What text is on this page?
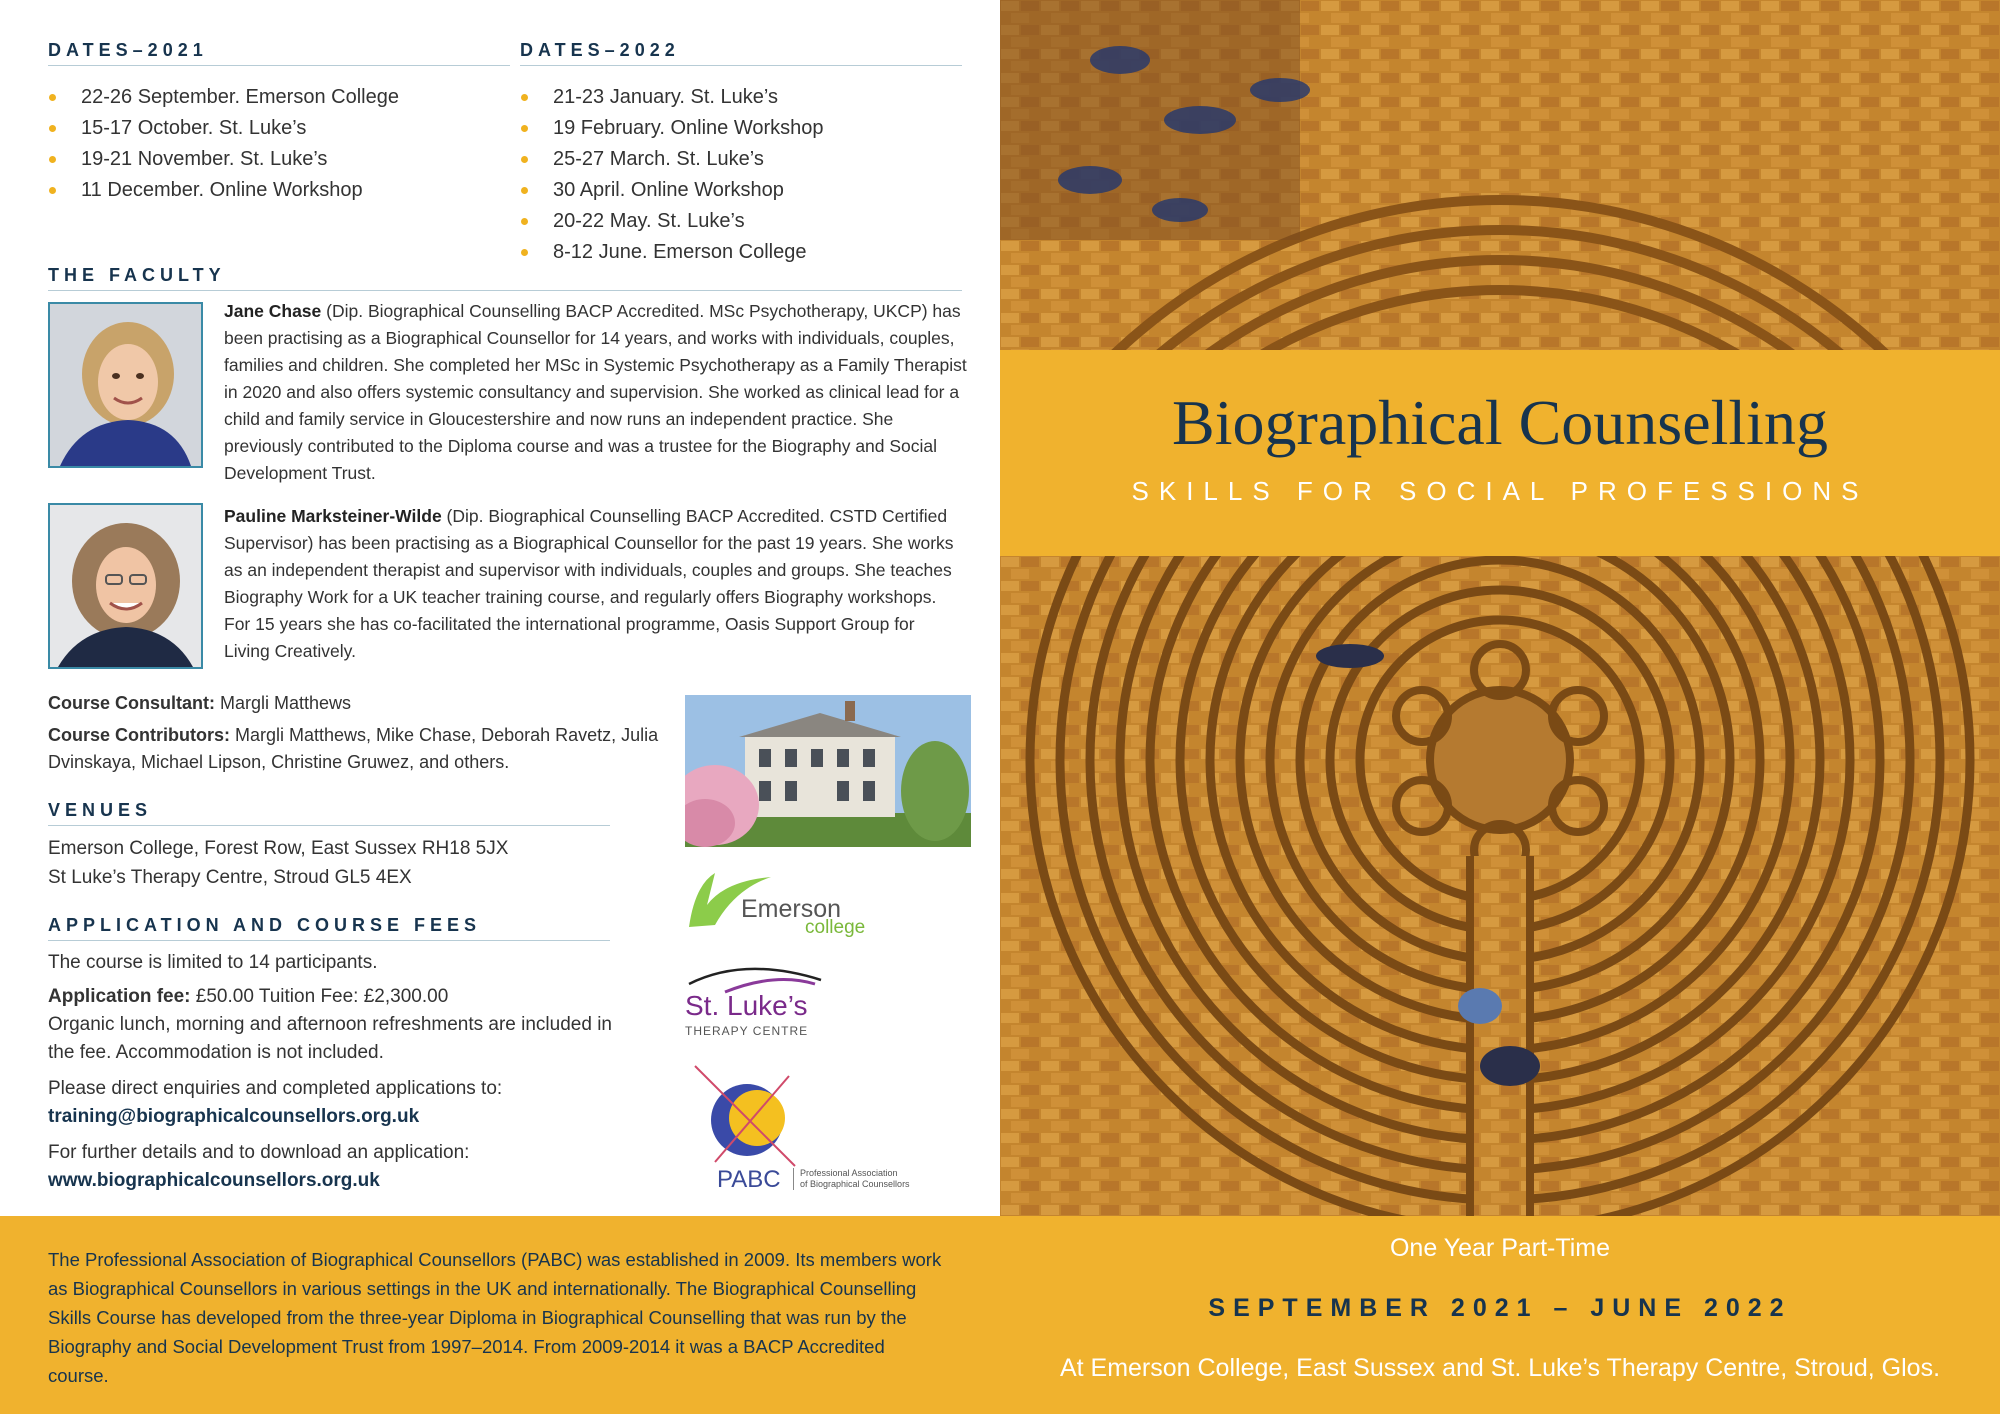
DATES–2021
22-26 September. Emerson College
15-17 October. St. Luke’s
19-21 November. St. Luke’s
11 December. Online Workshop
DATES–2022
21-23 January. St. Luke’s
19 February. Online Workshop
25-27 March. St. Luke’s
30 April. Online Workshop
20-22 May. St. Luke’s
8-12 June. Emerson College
THE FACULTY
Jane Chase (Dip. Biographical Counselling BACP Accredited. MSc Psychotherapy, UKCP) has been practising as a Biographical Counsellor for 14 years, and works with individuals, couples, families and children. She completed her MSc in Systemic Psychotherapy as a Family Therapist in 2020 and also offers systemic consultancy and supervision. She worked as clinical lead for a child and family service in Gloucestershire and now runs an independent practice. She previously contributed to the Diploma course and was a trustee for the Biography and Social Development Trust.
Pauline Marksteiner-Wilde (Dip. Biographical Counselling BACP Accredited. CSTD Certified Supervisor) has been practising as a Biographical Counsellor for the past 19 years. She works as an independent therapist and supervisor with individuals, couples and groups. She teaches Biography Work for a UK teacher training course, and regularly offers Biography workshops. For 15 years she has co-facilitated the international programme, Oasis Support Group for Living Creatively.
Course Consultant: Margli Matthews
Course Contributors: Margli Matthews, Mike Chase, Deborah Ravetz, Julia Dvinskaya, Michael Lipson, Christine Gruwez, and others.
VENUES
Emerson College, Forest Row, East Sussex RH18 5JX
St Luke’s Therapy Centre, Stroud GL5 4EX
APPLICATION AND COURSE FEES
The course is limited to 14 participants.
Application fee: £50.00 Tuition Fee: £2,300.00
Organic lunch, morning and afternoon refreshments are included in the fee. Accommodation is not included.
Please direct enquiries and completed applications to:
training@biographicalcounsellors.org.uk
For further details and to download an application:
www.biographicalcounsellors.org.uk
Emerson
college
St. Luke’s
THERAPY CENTRE
PABC Professional Association
of Biographical Counsellors
The Professional Association of Biographical Counsellors (PABC) was established in 2009. Its members work as Biographical Counsellors in various settings in the UK and internationally. The Biographical Counselling Skills Course has developed from the three-year Diploma in Biographical Counselling that was run by the Biography and Social Development Trust from 1997–2014. From 2009-2014 it was a BACP Accredited course.
Biographical Counselling
SKILLS FOR SOCIAL PROFESSIONS
One Year Part-Time
SEPTEMBER 2021 – JUNE 2022
At Emerson College, East Sussex and St. Luke’s Therapy Centre, Stroud, Glos.
